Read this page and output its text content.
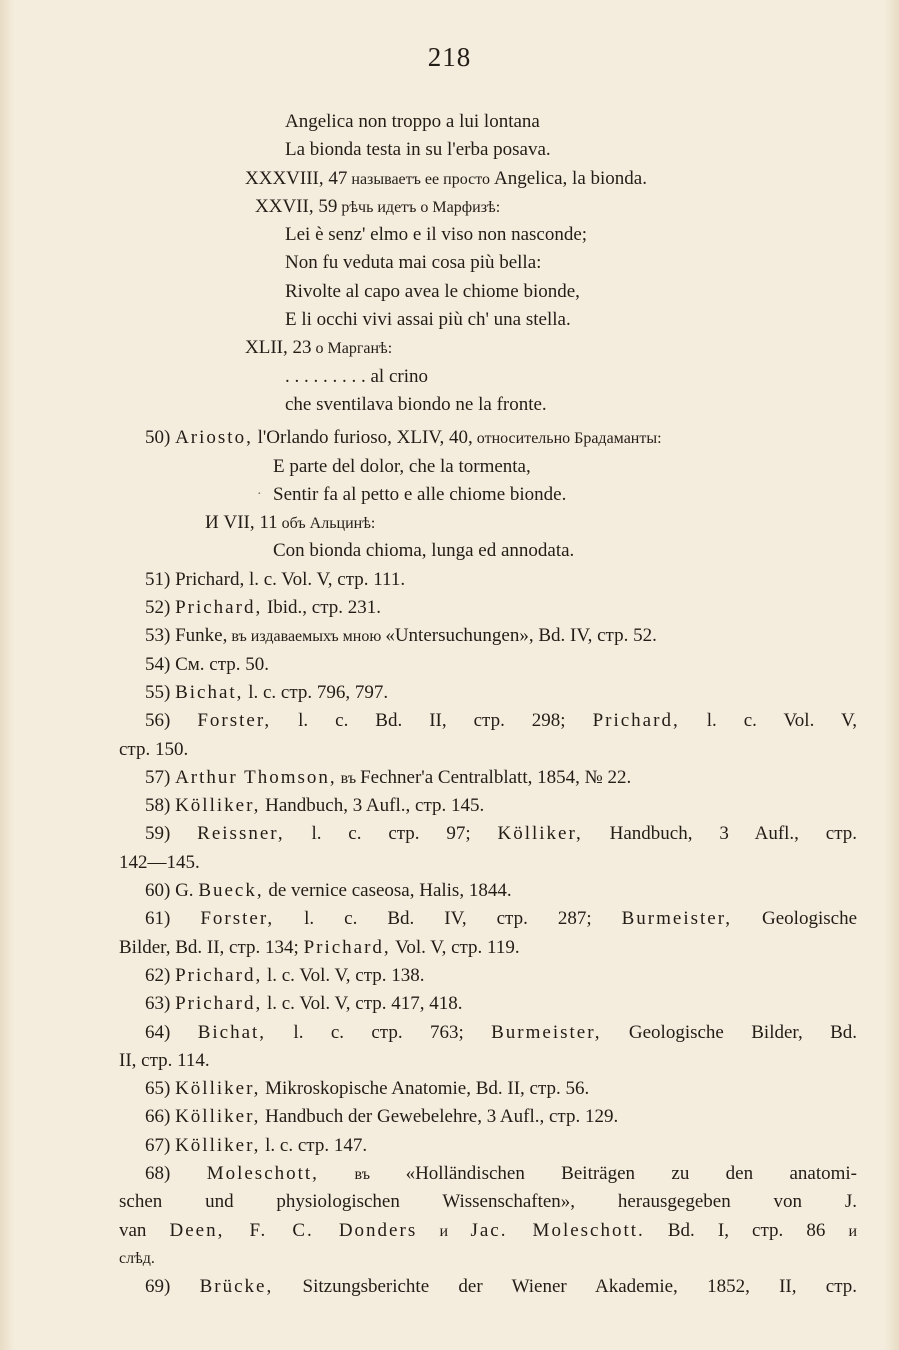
218
Angelica non troppo a lui lontana
La bionda testa in su l'erba posava.
XXXVIII, 47 называетъ ее просто Angelica, la bionda.
XXVII, 59 рѣчь идетъ о Марфизѣ:
Lei è senz' elmo e il viso non nasconde;
Non fu veduta mai cosa più bella:
Rivolte al capo avea le chiome bionde,
E li occhi vivi assai più ch' una stella.
XLII, 23 о Марганѣ:
. . . . . . . . . al crino
che sventilava biondo ne la fronte.
50) Ariosto, l'Orlando furioso, XLIV, 40, относительно Брадаманты:
E parte del dolor, che la tormenta,
· Sentir fa al petto e alle chiome bionde.
И VII, 11 объ Альцинѣ:
Con bionda chioma, lunga ed annodata.
51) Prichard, l. c. Vol. V, стр. 111.
52) Prichard, Ibid., стр. 231.
53) Funke, въ издаваемыхъ мною «Untersuchungen», Bd. IV, стр. 52.
54) См. стр. 50.
55) Bichat, l. c. стр. 796, 797.
56) Forster, l. c. Bd. II, стр. 298; Prichard, l. c. Vol. V,
стр. 150.
57) Arthur Thomson, въ Fechner'a Centralblatt, 1854, № 22.
58) Kölliker, Handbuch, 3 Aufl., стр. 145.
59) Reissner, l. c. стр. 97; Kölliker, Handbuch, 3 Aufl., стр.
142—145.
60) G. Bueck, de vernice caseosa, Halis, 1844.
61) Forster, l. c. Bd. IV, стр. 287; Burmeister, Geologische
Bilder, Bd. II, стр. 134; Prichard, Vol. V, стр. 119.
62) Prichard, l. c. Vol. V, стр. 138.
63) Prichard, l. c. Vol. V, стр. 417, 418.
64) Bichat, l. c. стр. 763; Burmeister, Geologische Bilder, Bd.
II, стр. 114.
65) Kölliker, Mikroskopische Anatomie, Bd. II, стр. 56.
66) Kölliker, Handbuch der Gewebelehre, 3 Aufl., стр. 129.
67) Kölliker, l. c. стр. 147.
68) Moleschott, въ «Holländischen Beiträgen zu den anatomi-
schen und physiologischen Wissenschaften», herausgegeben von J.
van Deen, F. C. Donders и Jac. Moleschott. Bd. I, стр. 86 и
слѣд.
69) Brücke, Sitzungsberichte der Wiener Akademie, 1852, II, стр.
